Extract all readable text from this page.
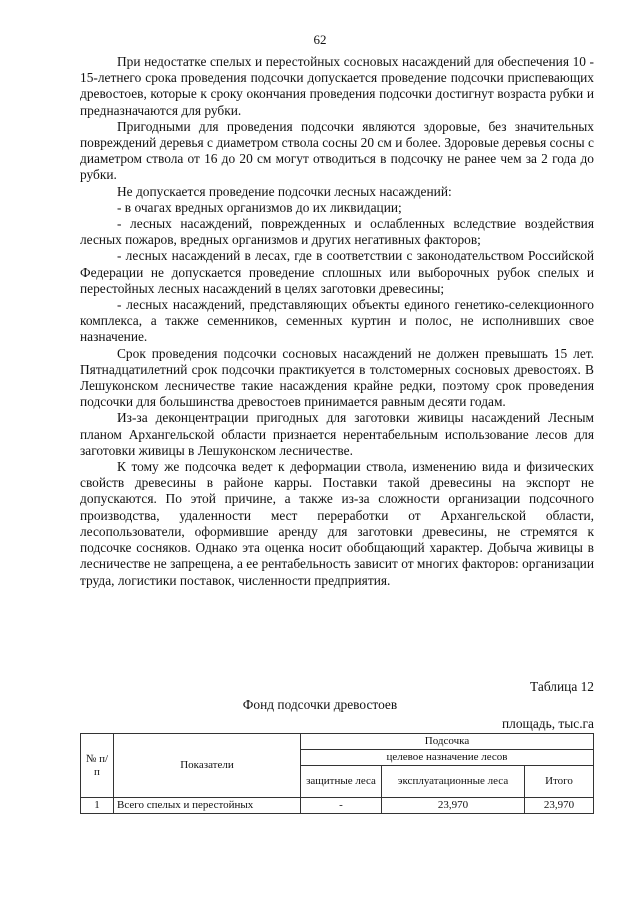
62

При недостатке спелых и перестойных сосновых насаждений для обеспечения 10 - 15-летнего срока проведения подсочки допускается проведение подсочки приспевающих древостоев, которые к сроку окончания проведения подсочки достигнут возраста рубки и предназначаются для рубки.

Пригодными для проведения подсочки являются здоровые, без значительных повреждений деревья с диаметром ствола сосны 20 см и более. Здоровые деревья сосны с диаметром ствола от 16 до 20 см могут отводиться в подсочку не ранее чем за 2 года до рубки.

Не допускается проведение подсочки лесных насаждений:

- в очагах вредных организмов до их ликвидации;

- лесных насаждений, поврежденных и ослабленных вследствие воздействия лесных пожаров, вредных организмов и других негативных факторов;

- лесных насаждений в лесах, где в соответствии с законодательством Российской Федерации не допускается проведение сплошных или выборочных рубок спелых и перестойных лесных насаждений в целях заготовки древесины;

- лесных насаждений, представляющих объекты единого генетико-селекционного комплекса, а также семенников, семенных куртин и полос, не исполнивших свое назначение.

Срок проведения подсочки сосновых насаждений не должен превышать 15 лет. Пятнадцатилетний срок подсочки практикуется в толстомерных сосновых древостоях. В Лешуконском лесничестве такие насаждения крайне редки, поэтому срок проведения подсочки для большинства древостоев принимается равным десяти годам.

Из-за деконцентрации пригодных для заготовки живицы насаждений Лесным планом Архангельской области признается нерентабельным использование лесов для заготовки живицы в Лешуконском лесничестве.

К тому же подсочка ведет к деформации ствола, изменению вида и физических свойств древесины в районе карры. Поставки такой древесины на экспорт не допускаются. По этой причине, а также из-за сложности организации подсочного производства, удаленности мест переработки от Архангельской области, лесопользователи, оформившие аренду для заготовки древесины, не стремятся к подсочке сосняков. Однако эта оценка носит обобщающий характер. Добыча живицы в лесничестве не запрещена, а ее рентабельность зависит от многих факторов: организации труда, логистики поставок, численности предприятия.

Таблица 12
Фонд подсочки древостоев
площадь, тыс.га
№ п/п	Показатели	Подсочка		
		целевое назначение лесов		
		защитные леса	эксплуатационные леса	Итого
1	Всего спелых и перестойных	-	23,970	23,970
